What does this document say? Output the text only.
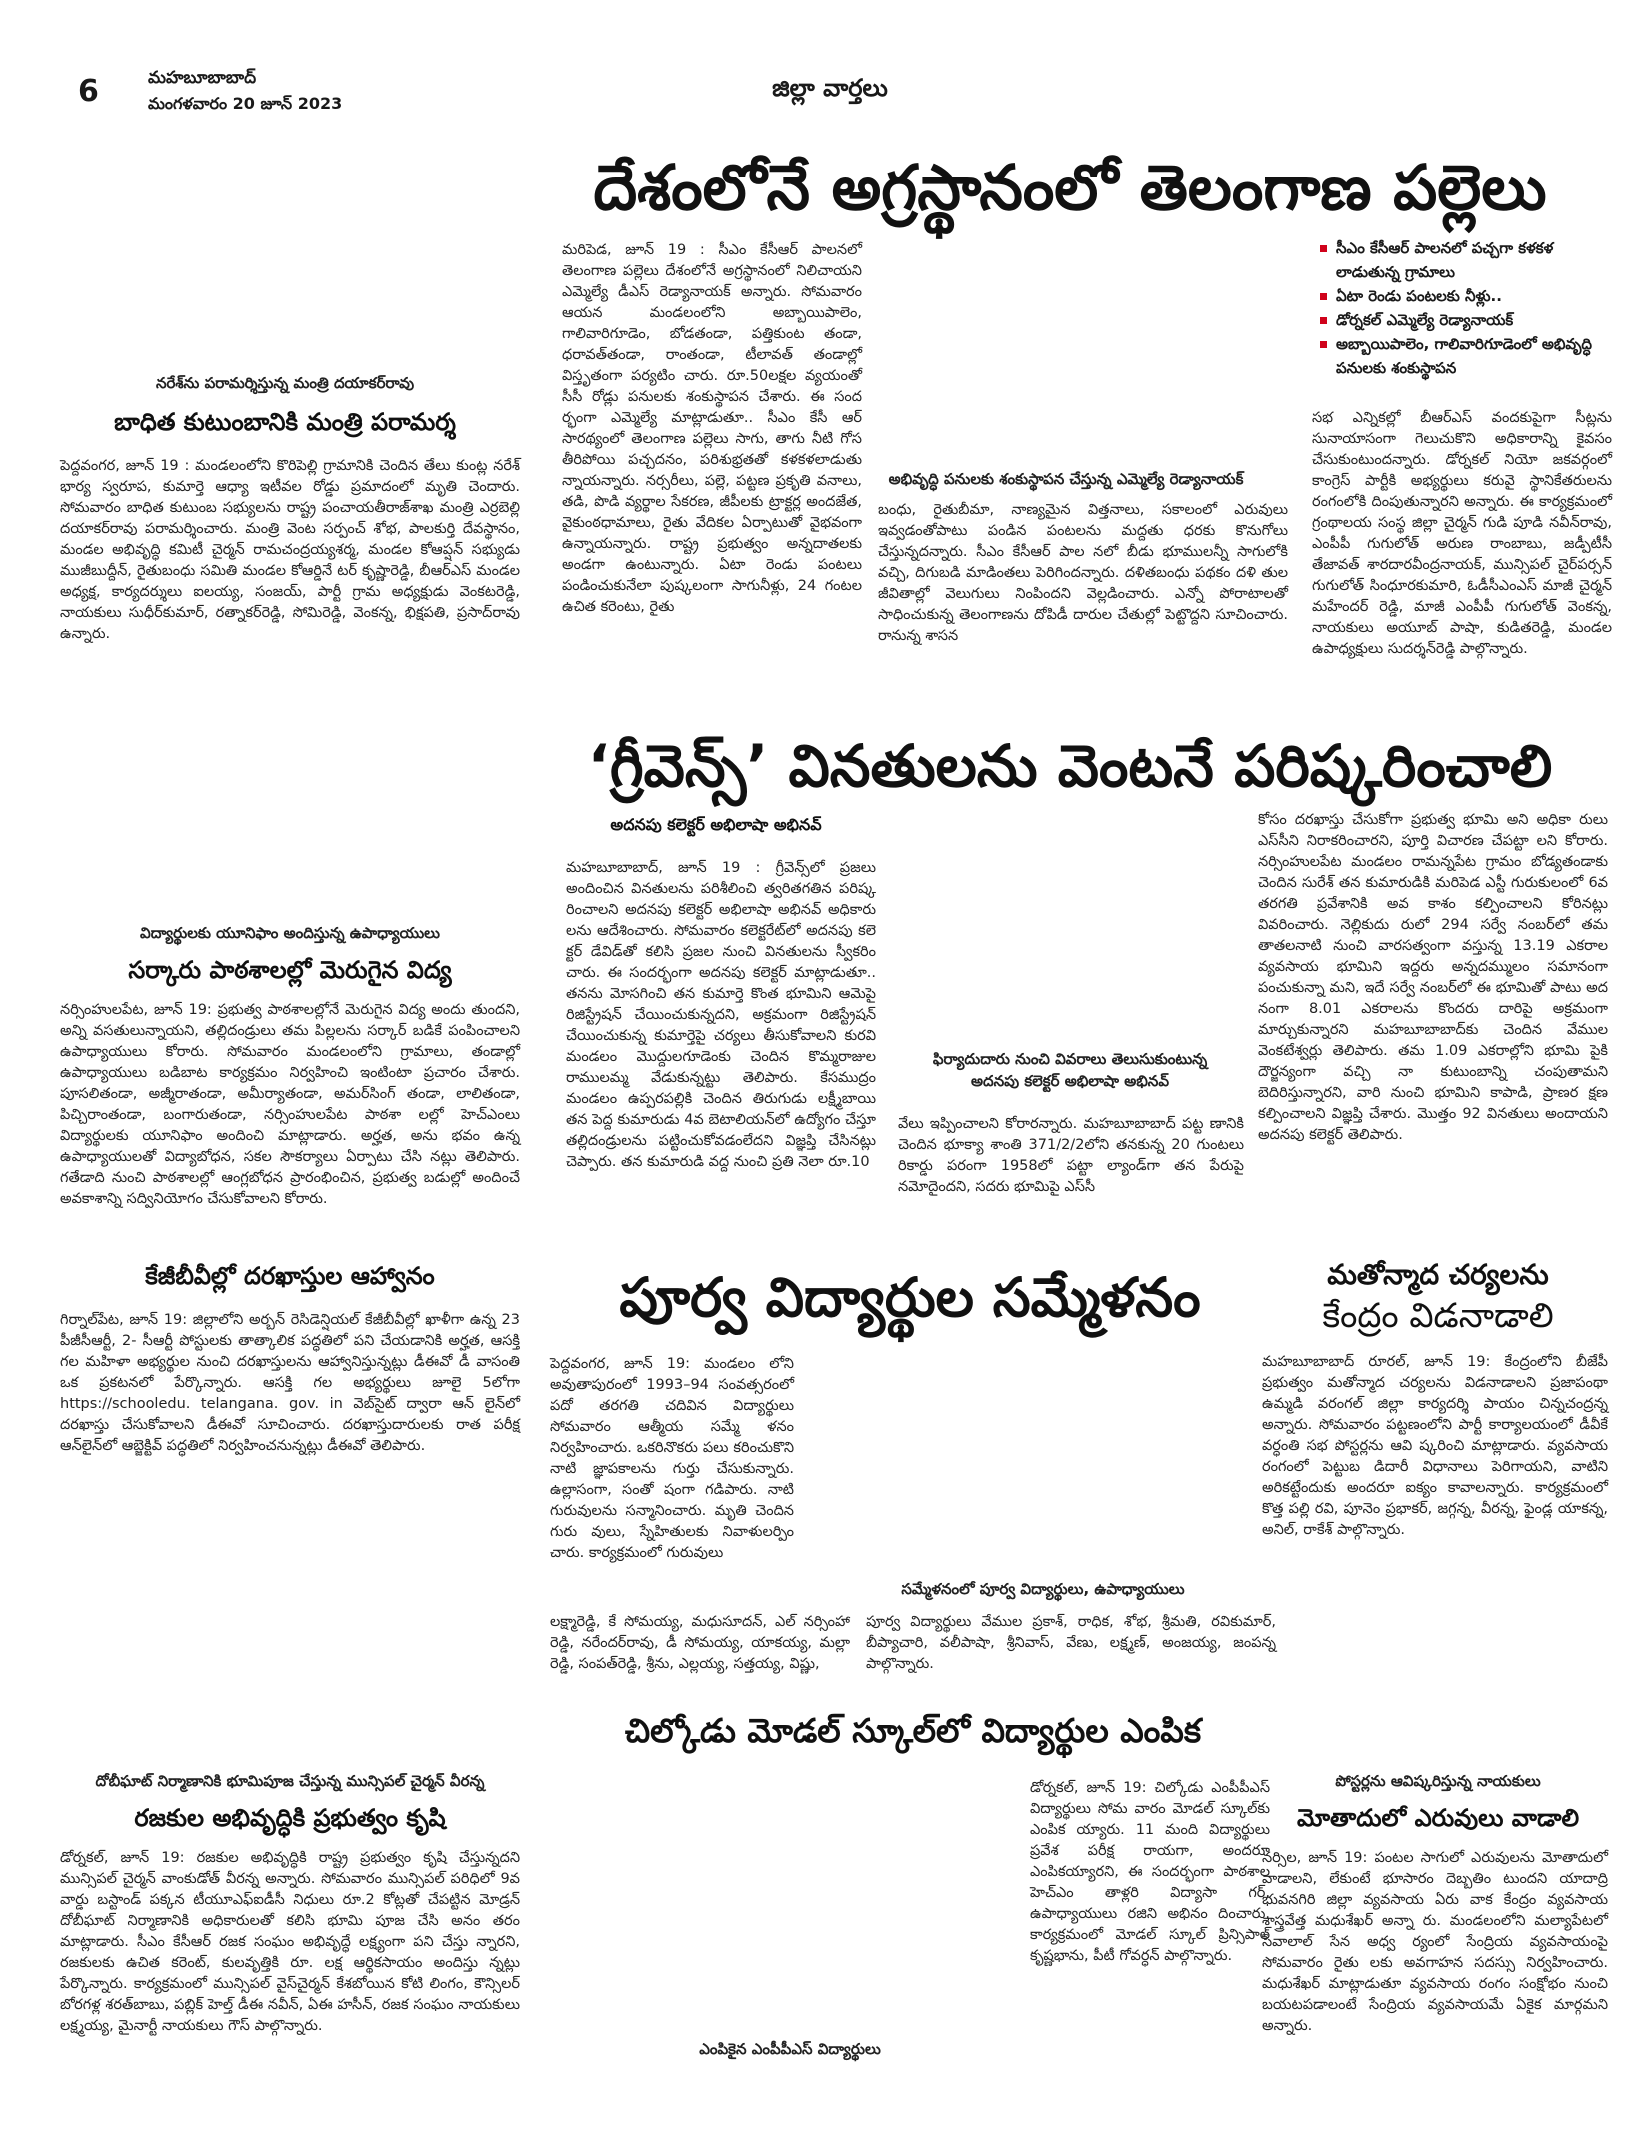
6	మహబూబాబాద్
మంగళవారం 20 జూన్ 2023
జిల్లా వార్తలు
దేశంలోనే అగ్రస్థానంలో తెలంగాణ పల్లెలు
సీఎం కేసీఆర్ పాలనలో పచ్చగా కళకళ లాడుతున్న గ్రామాలు
ఏటా రెండు పంటలకు నీళ్లు..
డోర్నకల్ ఎమ్మెల్యే రెడ్యానాయక్
అబ్బాయిపాలెం, గాలివారిగూడెంలో అభివృద్ధి పనులకు శంకుస్థాపన

మరిపెడ, జూన్ 19 : సీఎం కేసీఆర్ పాలనలో తెలంగాణ పల్లెలు దేశంలోనే అగ్రస్థానంలో నిలిచాయని ఎమ్మెల్యే డీఎస్ రెడ్యానాయక్ అన్నారు. సోమవారం ఆయన మండలంలోని అబ్బాయిపాలెం, గాలివారిగూడెం, బోడతండా, పత్తికుంట తండా, ధరావత్‌తండా, రాంతండా, టీలావత్ తండాల్లో విస్తృతంగా పర్యటిం చారు. రూ.50లక్షల వ్యయంతో సీసీ రోడ్లు పనులకు శంకుస్థాపన చేశారు. ఈ సంద ర్భంగా ఎమ్మెల్యే మాట్లాడుతూ.. సీఎం కేసీ ఆర్ సారథ్యంలో తెలంగాణ పల్లెలు సాగు, తాగు నీటి గోస తీరిపోయి పచ్చదనం, పరిశుభ్రతతో కళకళలాడుతు న్నాయన్నారు. నర్సరీలు, పల్లె, పట్టణ ప్రకృతి వనాలు, తడి, పొడి వ్యర్థాల సేకరణ, జీపీలకు ట్రాక్టర్ల అందజేత, వైకుంఠధామాలు, రైతు వేదికల ఏర్పాటుతో వైభవంగా ఉన్నాయన్నారు. రాష్ట్ర ప్రభుత్వం అన్నదాతలకు అండగా ఉంటున్నారు. ఏటా రెండు పంటలు పండించుకునేలా పుష్కలంగా సాగునీళ్లు, 24 గంటల ఉచిత కరెంటు, రైతు

అభివృద్ధి పనులకు శంకుస్థాపన చేస్తున్న ఎమ్మెల్యే రెడ్యానాయక్

బంధు, రైతుబీమా, నాణ్యమైన విత్తనాలు, సకాలంలో ఎరువులు ఇవ్వడంతోపాటు పండిన పంటలను మద్దతు ధరకు కొనుగోలు చేస్తున్నదన్నారు. సీఎం కేసీఆర్ పాల నలో బీడు భూములన్నీ సాగులోకి వచ్చి, దిగుబడి మాడింతలు పెరిగిందన్నారు. దళితబంధు పథకం దళి తుల జీవితాల్లో వెలుగులు నింపిందని వెల్లడించారు. ఎన్నో పోరాటాలతో సాధించుకున్న తెలంగాణను దోపిడీ దారుల చేతుల్లో పెట్టొద్దని సూచించారు. రానున్న శాసన

సభ ఎన్నికల్లో బీఆర్‌ఎస్ వందకుపైగా సీట్లను సునాయాసంగా గెలుచుకొని అధికారాన్ని కైవసం చేసుకుంటుందన్నారు. డోర్నకల్ నియో జకవర్గంలో కాంగ్రెస్ పార్టీకి అభ్యర్థులు కరువై స్థానికేతరులను రంగంలోకి దింపుతున్నారని అన్నారు. ఈ కార్యక్రమంలో గ్రంథాలయ సంస్థ జిల్లా చైర్మన్ గుడి పూడి నవీన్‌రావు, ఎంపీపీ గుగులోత్ అరుణ రాంబాబు, జడ్పీటీసీ తేజావత్ శారదారవీంద్రనాయక్, మున్సిపల్ చైర్‌పర్సన్ గుగులోత్ సింధూరకుమారి, ఓడీసీఎంఎస్ మాజీ చైర్మన్ మహేందర్ రెడ్డి, మాజీ ఎంపీపీ గుగులోత్ వెంకన్న, నాయకులు అయూబ్ పాషా, కుడితరెడ్డి, మండల ఉపాధ్యక్షులు సుదర్శన్‌రెడ్డి పాల్గొన్నారు.

నరేశ్‌ను పరామర్శిస్తున్న మంత్రి దయాకర్‌రావు
బాధిత కుటుంబానికి మంత్రి పరామర్శ

పెద్దవంగర, జూన్ 19 : మండలంలోని కొరిపెల్లి గ్రామానికి చెందిన తేలు కుంట్ల నరేశ్ భార్య స్వరూప, కుమార్తె ఆధ్యా ఇటీవల రోడ్డు ప్రమాదంలో మృతి చెందారు. సోమవారం బాధిత కుటుంబ సభ్యులను రాష్ట్ర పంచాయతీరాజ్‌శాఖ మంత్రి ఎర్రబెల్లి దయాకర్‌రావు పరామర్శించారు. మంత్రి వెంట సర్పంచ్ శోభ, పాలకుర్తి దేవస్థానం, మండల అభివృద్ధి కమిటీ చైర్మన్ రామచంద్రయ్యశర్మ, మండల కోఆప్షన్ సభ్యుడు ముజీబుద్దీన్, రైతుబంధు సమితి మండల కోఆర్డినే టర్ కృష్ణారెడ్డి, బీఆర్‌ఎస్ మండల అధ్యక్ష, కార్యదర్శులు ఐలయ్య, సంజయ్, పార్టీ గ్రామ అధ్యక్షుడు వెంకటరెడ్డి, నాయకులు సుధీర్‌కుమార్, రత్నాకర్‌రెడ్డి, సోమిరెడ్డి, వెంకన్న, భిక్షపతి, ప్రసాద్‌రావు ఉన్నారు.

‘గ్రీవెన్స్’ వినతులను వెంటనే పరిష్కరించాలి
అదనపు కలెక్టర్ అభిలాషా అభినవ్

మహబూబాబాద్, జూన్ 19 : గ్రీవెన్స్‌లో ప్రజలు అందించిన వినతులను పరిశీలించి త్వరితగతిన పరిష్క రించాలని అదనపు కలెక్టర్ అభిలాషా అభినవ్ అధికారు లను ఆదేశించారు. సోమవారం కలెక్టరేట్‌లో అదనపు కలె క్టర్ డేవిడ్‌తో కలిసి ప్రజల నుంచి వినతులను స్వీకరిం చారు. ఈ సందర్భంగా అదనపు కలెక్టర్ మాట్లాడుతూ.. తనను మోసగించి తన కుమార్తె కొంత భూమిని ఆమెపై రిజిస్ట్రేషన్ చేయించుకున్నదని, అక్రమంగా రిజిస్ట్రేషన్ చేయించుకున్న కుమార్తెపై చర్యలు తీసుకోవాలని కురవి మండలం మొద్దులగూడెంకు చెందిన కొమ్మరాజుల రాములమ్మ వేడుకున్నట్టు తెలిపారు. కేసముద్రం మండలం ఉప్పరపల్లికి చెందిన తిరుగుడు లక్ష్మీబాయి తన పెద్ద కుమారుడు 4వ బెటాలియన్‌లో ఉద్యోగం చేస్తూ తల్లిదండ్రులను పట్టించుకోవడంలేదని విజ్ఞప్తి చేసినట్లు చెప్పారు. తన కుమారుడి వద్ద నుంచి ప్రతి నెలా రూ.10

ఫిర్యాదుదారు నుంచి వివరాలు తెలుసుకుంటున్న
అదనపు కలెక్టర్ అభిలాషా అభినవ్

వేలు ఇప్పించాలని కోరారన్నారు. మహబూబాబాద్ పట్ట ణానికి చెందిన భూక్యా శాంతి 371/2/2లోని తనకున్న 20 గుంటలు రికార్డు పరంగా 1958లో పట్టా ల్యాండ్‌గా తన పేరుపై నమోదైందని, సదరు భూమిపై ఎస్‌సీ

కోసం దరఖాస్తు చేసుకోగా ప్రభుత్వ భూమి అని అధికా రులు ఎస్‌సీని నిరాకరించారని, పూర్తి విచారణ చేపట్టా లని కోరారు. నర్సింహులపేట మండలం రామన్నపేట గ్రామం బోడ్యతండాకు చెందిన సురేశ్ తన కుమారుడికి మరిపెడ ఎస్టీ గురుకులంలో 6వ తరగతి ప్రవేశానికి అవ కాశం కల్పించాలని కోరినట్లు వివరించారు. నెల్లికుదు రులో 294 సర్వే నంబర్‌లో తమ తాతలనాటి నుంచి వారసత్వంగా వస్తున్న 13.19 ఎకరాల వ్యవసాయ భూమిని ఇద్దరు అన్నదమ్ములం సమానంగా పంచుకున్నా మని, ఇదే సర్వే నంబర్‌లో ఈ భూమితో పాటు అద నంగా 8.01 ఎకరాలను కొందరు దారిపై అక్రమంగా మార్చుకున్నారని మహబూబాబాద్‌కు చెందిన వేముల వెంకటేశ్వర్లు తెలిపారు. తమ 1.09 ఎకరాల్లోని భూమి పైకి దౌర్జన్యంగా వచ్చి నా కుటుంబాన్ని చంపుతామని బెదిరిస్తున్నారని, వారి నుంచి భూమిని కాపాడి, ప్రాణర క్షణ కల్పించాలని విజ్ఞప్తి చేశారు. మొత్తం 92 వినతులు అందాయని అదనపు కలెక్టర్ తెలిపారు.

విద్యార్థులకు యూనిఫాం అందిస్తున్న ఉపాధ్యాయులు
సర్కారు పాఠశాలల్లో మెరుగైన విద్య

నర్సింహులపేట, జూన్ 19: ప్రభుత్వ పాఠశాలల్లోనే మెరుగైన విద్య అందు తుందని, అన్ని వసతులున్నాయని, తల్లిదండ్రులు తమ పిల్లలను సర్కార్ బడికే పంపించాలని ఉపాధ్యాయులు కోరారు. సోమవారం మండలంలోని గ్రామాలు, తండాల్లో ఉపాధ్యాయులు బడిబాట కార్యక్రమం నిర్వహించి ఇంటింటా ప్రచారం చేశారు. పూసలితండా, అజ్మీరాతండా, అమీర్యాతండా, అమర్‌సింగ్ తండా, లాలితండా, పిచ్చిరాంతండా, బంగారుతండా, నర్సింహులపేట పాఠశా లల్లో హెచ్‌ఎంలు విద్యార్థులకు యూనిఫాం అందించి మాట్లాడారు. అర్హత, అను భవం ఉన్న ఉపాధ్యాయులతో విద్యాబోధన, సకల సౌకర్యాలు ఏర్పాటు చేసి నట్లు తెలిపారు. గతేడాది నుంచి పాఠశాలల్లో ఆంగ్లబోధన ప్రారంభించిన, ప్రభుత్వ బడుల్లో అందించే అవకాశాన్ని సద్వినియోగం చేసుకోవాలని కోరారు.

కేజీబీవీల్లో దరఖాస్తుల ఆహ్వానం

గిర్నాల్‌పేట, జూన్ 19: జిల్లాలోని అర్బన్ రెసిడెన్షియల్ కేజీబీవీల్లో ఖాళీగా ఉన్న 23 పీజీసీఆర్టీ, 2- సీఆర్టీ పోస్టులకు తాత్కాలిక పద్ధతిలో పని చేయడానికి అర్హత, ఆసక్తి గల మహిళా అభ్యర్థుల నుంచి దరఖాస్తులను ఆహ్వానిస్తున్నట్లు డీఈవో డీ వాసంతి ఒక ప్రకటనలో పేర్కొన్నారు. ఆసక్తి గల అభ్యర్థులు జూలై 5లోగా https://schooledu. telangana. gov. in వెబ్‌సైట్ ద్వారా ఆన్ లైన్‌లో దరఖాస్తు చేసుకోవాలని డీఈవో సూచించారు. దరఖాస్తుదారులకు రాత పరీక్ష ఆన్‌లైన్‌లో ఆబ్జెక్టివ్ పద్ధతిలో నిర్వహించనున్నట్లు డీఈవో తెలిపారు.

పూర్వ విద్యార్థుల సమ్మేళనం

పెద్దవంగర, జూన్ 19: మండలం లోని అవుతాపురంలో 1993–94 సంవత్సరంలో పదో తరగతి చదివిన విద్యార్థులు సోమవారం ఆత్మీయ సమ్మే ళనం నిర్వహించారు. ఒకరినొకరు పలు కరించుకొని నాటి జ్ఞాపకాలను గుర్తు చేసుకున్నారు. ఉల్లాసంగా, సంతో షంగా గడిపారు. నాటి గురువులను సన్మానించారు. మృతి చెందిన గురు వులు, స్నేహితులకు నివాళులర్పిం చారు. కార్యక్రమంలో గురువులు

సమ్మేళనంలో పూర్వ విద్యార్థులు, ఉపాధ్యాయులు

లక్ష్మారెడ్డి, కే సోమయ్య, మధుసూదన్, ఎల్ నర్సింహా రెడ్డి, నరేందర్‌రావు, డీ సోమయ్య, యాకయ్య, మల్లా రెడ్డి, సంపత్‌రెడ్డి, శ్రీను, ఎల్లయ్య, సత్తయ్య, విష్ణు,

పూర్వ విద్యార్థులు వేముల ప్రకాశ్, రాధిక, శోభ, శ్రీమతి, రవికుమార్, బీప్యాచారి, వలీపాషా, శ్రీనివాస్, వేణు, లక్ష్మణ్, అంజయ్య, జంపన్న పాల్గొన్నారు.

మతోన్మాద చర్యలను
కేంద్రం విడనాడాలి

మహబూబాబాద్ రూరల్, జూన్ 19: కేంద్రంలోని బీజేపీ ప్రభుత్వం మతోన్మాద చర్యలను విడనాడాలని ప్రజాపంథా ఉమ్మడి వరంగల్ జిల్లా కార్యదర్శి పాయం చిన్నచంద్రన్న అన్నారు. సోమవారం పట్టణంలోని పార్టీ కార్యాలయంలో డీవీకే వర్ధంతి సభ పోస్టర్లను ఆవి ష్కరించి మాట్లాడారు. వ్యవసాయ రంగంలో పెట్టుబ డిదారీ విధానాలు పెరిగాయని, వాటిని అరికట్టేందుకు అందరూ ఐక్యం కావాలన్నారు. కార్యక్రమంలో కొత్త పల్లి రవి, పూనెం ప్రభాకర్, జగ్గన్న, వీరన్న, ఫైండ్ల యాకన్న, అనిల్, రాకేశ్ పాల్గొన్నారు.

దోబీఘాట్ నిర్మాణానికి భూమిపూజ చేస్తున్న మున్సిపల్ చైర్మన్ వీరన్న
రజకుల అభివృద్ధికి ప్రభుత్వం కృషి

డోర్నకల్, జూన్ 19: రజకుల అభివృద్ధికి రాష్ట్ర ప్రభుత్వం కృషి చేస్తున్నదని మున్సిపల్ చైర్మన్ వాంకుడోత్ వీరన్న అన్నారు. సోమవారం మున్సిపల్ పరిధిలో 9వ వార్డు బస్టాండ్ పక్కన టీయూఎఫ్ఐడీసీ నిధులు రూ.2 కోట్లతో చేపట్టిన మోడ్రన్ దోబీఘాట్ నిర్మాణానికి అధికారులతో కలిసి భూమి పూజ చేసి అనం తరం మాట్లాడారు. సీఎం కేసీఆర్ రజక సంఘం అభివృద్ధే లక్ష్యంగా పని చేస్తు న్నారని, రజకులకు ఉచిత కరెంట్, కులవృత్తికి రూ. లక్ష ఆర్థికసాయం అందిస్తు న్నట్లు పేర్కొన్నారు. కార్యక్రమంలో మున్సిపల్ వైస్‌చైర్మన్ కేశబోయిన కోటి లింగం, కౌన్సిలర్ బోరగళ్ల శరత్‌బాబు, పబ్లిక్ హెల్త్ డీఈ నవీన్, ఏఈ హసీన్, రజక సంఘం నాయకులు లక్ష్మయ్య, మైనార్టీ నాయకులు గౌస్ పాల్గొన్నారు.

చిల్కోడు మోడల్ స్కూల్‌లో విద్యార్థుల ఎంపిక

డోర్నకల్, జూన్ 19: చిల్కోడు ఎంపీపీఎస్ విద్యార్థులు సోమ వారం మోడల్ స్కూల్‌కు ఎంపిక య్యారు. 11 మంది విద్యార్థులు ప్రవేశ పరీక్ష రాయగా, అందరూ ఎంపికయ్యారని, ఈ సందర్భంగా పాఠశాల హెచ్‌ఎం తాళ్లరి విద్యాసా గర్, ఉపాధ్యాయులు రజిని అభినం దించారు. కార్యక్రమంలో మోడల్ స్కూల్ ప్రిన్సిపాల్ కృష్ణభాను, పీటీ గోవర్ధన్ పాల్గొన్నారు.

ఎంపికైన ఎంపీపీఎస్ విద్యార్థులు
పోస్టర్లను ఆవిష్కరిస్తున్న నాయకులు
మోతాదులో ఎరువులు వాడాలి

నర్సిల, జూన్ 19: పంటల సాగులో ఎరువులను మోతాదులో వాడాలని, లేకుంటే భూసారం దెబ్బతిం టుందని యాదాద్రి భువనగిరి జిల్లా వ్యవసాయ ఏరు వాక కేంద్రం వ్యవసాయ శాస్త్రవేత్త మధుశేఖర్ అన్నా రు. మండలంలోని మల్యాపేటలో సేవాలాల్ సేన అధ్వ ర్యంలో సేంద్రియ వ్యవసాయంపై సోమవారం రైతు లకు అవగాహన సదస్సు నిర్వహించారు. మధుశేఖర్ మాట్లాడుతూ వ్యవసాయ రంగం సంక్షోభం నుంచి బయటపడాలంటే సేంద్రియ వ్యవసాయమే ఏకైక మార్గమని అన్నారు.
